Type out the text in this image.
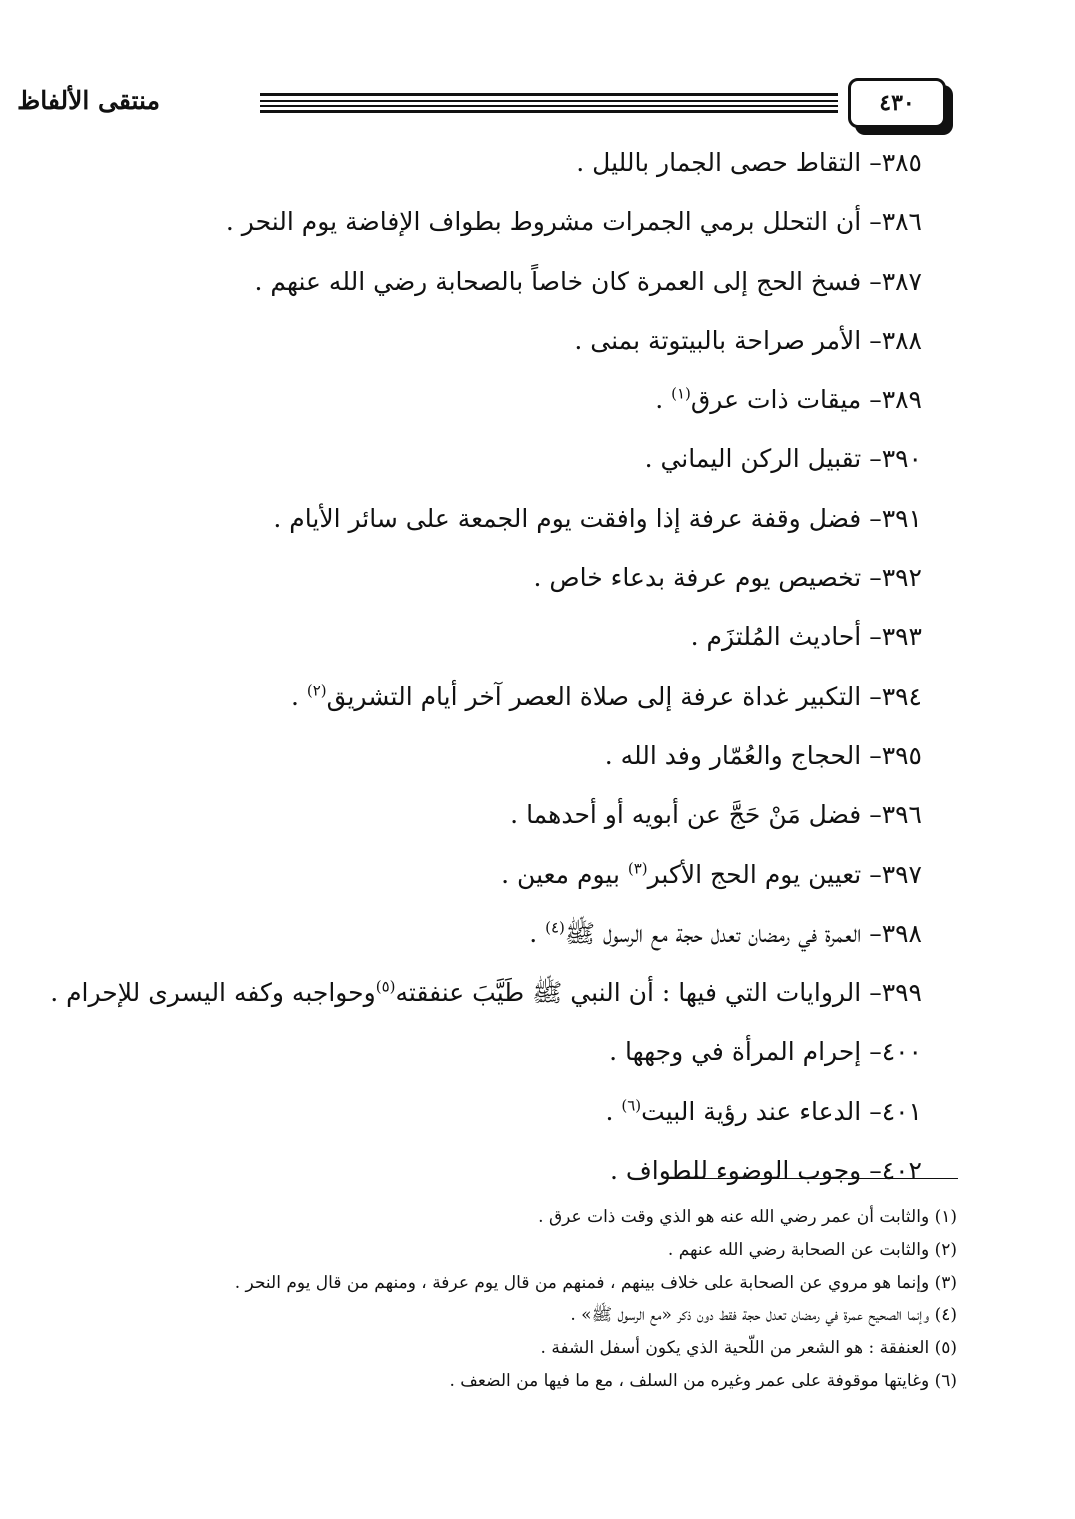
منتقى الألفاظ	٤٣٠
٣٨٥– التقاط حصى الجمار بالليل .
٣٨٦– أن التحلل برمي الجمرات مشروط بطواف الإفاضة يوم النحر .
٣٨٧– فسخ الحج إلى العمرة كان خاصاً بالصحابة رضي الله عنهم .
٣٨٨– الأمر صراحة بالبيتوتة بمنى .
٣٨٩– ميقات ذات عرق$^{(١)}$ .
٣٩٠– تقبيل الركن اليماني .
٣٩١– فضل وقفة عرفة إذا وافقت يوم الجمعة على سائر الأيام .
٣٩٢– تخصيص يوم عرفة بدعاء خاص .
٣٩٣– أحاديث المُلتزَم .
٣٩٤– التكبير غداة عرفة إلى صلاة العصر آخر أيام التشريق$^{(٢)}$ .
٣٩٥– الحجاج والعُمّار وفد الله .
٣٩٦– فضل مَنْ حَجَّ عن أبويه أو أحدهما .
٣٩٧– تعيين يوم الحج الأكبر$^{(٣)}$ بيوم معين .
٣٩٨– العمرة في رمضان تعدل حجة مع الرسول ﷺ$^{(٤)}$ .
٣٩٩– الروايات التي فيها : أن النبي ﷺ طَيَّبَ عنفقته$^{(٥)}$وحواجبه وكفه اليسرى للإحرام .
٤٠٠– إحرام المرأة في وجهها .
٤٠١– الدعاء عند رؤية البيت$^{(٦)}$ .
٤٠٢– وجوب الوضوء للطواف .
(١) والثابت أن عمر رضي الله عنه هو الذي وقت ذات عرق .
(٢) والثابت عن الصحابة رضي الله عنهم .
(٣) وإنما هو مروي عن الصحابة على خلاف بينهم ، فمنهم من قال يوم عرفة ، ومنهم من قال يوم النحر .
(٤) وإنما الصحيح عمرة في رمضان تعدل حجة فقط دون ذكر «مع الرسول ﷺ» .
(٥) العنفقة : هو الشعر من اللّحية الذي يكون أسفل الشفة .
(٦) وغايتها موقوفة على عمر وغيره من السلف ، مع ما فيها من الضعف .
